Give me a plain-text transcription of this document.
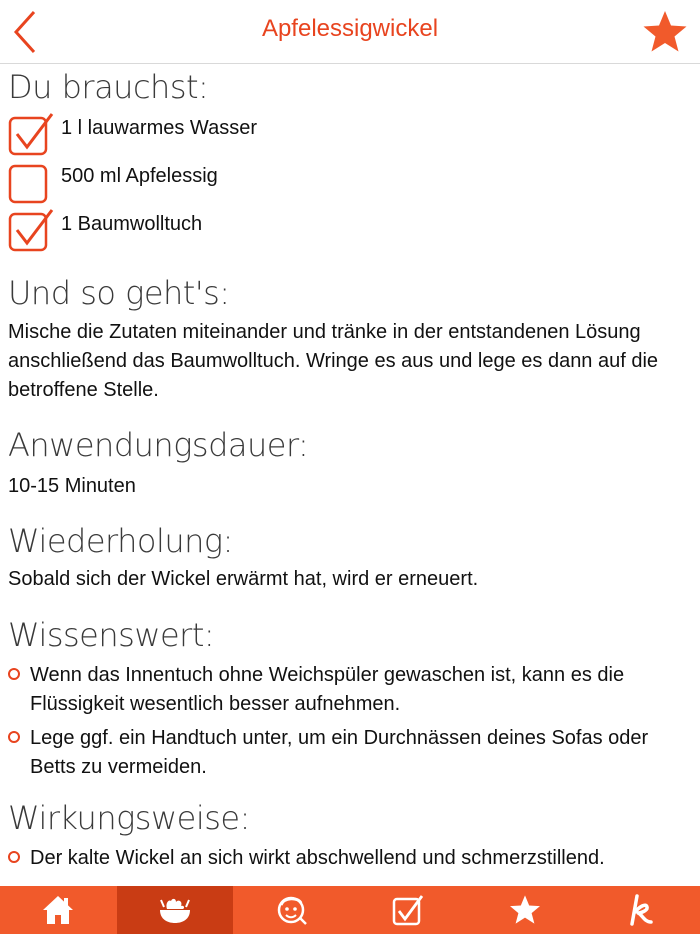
Apfelessigwickel
Du brauchst:
1 l lauwarmes Wasser
500 ml Apfelessig
1 Baumwolltuch
Und so geht's:
Mische die Zutaten miteinander und tränke in der entstandenen Lösung anschließend das Baumwolltuch. Wringe es aus und lege es dann auf die betroffene Stelle.
Anwendungsdauer:
10-15 Minuten
Wiederholung:
Sobald sich der Wickel erwärmt hat, wird er erneuert.
Wissenswert:
Wenn das Innentuch ohne Weichspüler gewaschen ist, kann es die Flüssigkeit wesentlich besser aufnehmen.
Lege ggf. ein Handtuch unter, um ein Durchnässen deines Sofas oder Betts zu vermeiden.
Wirkungsweise:
Der kalte Wickel an sich wirkt abschwellend und schmerzstillend.
